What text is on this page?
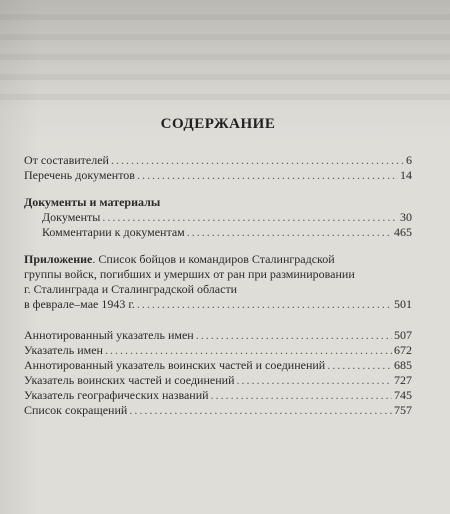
СОДЕРЖАНИЕ
От составителей . . .	6
Перечень документов . . .	14
Документы и материалы
Документы . . .	30
Комментарии к документам . . .	465
Приложение. Список бойцов и командиров Сталинградской
группы войск, погибших и умерших от ран при разминировании
г. Сталинграда и Сталинградской области
в феврале–мае 1943 г. . . .	501
Аннотированный указатель имен . . .	507
Указатель имен . . .	672
Аннотированный указатель воинских частей и соединений . . .	685
Указатель воинских частей и соединений . . .	727
Указатель географических названий . . .	745
Список сокращений . . .	757
